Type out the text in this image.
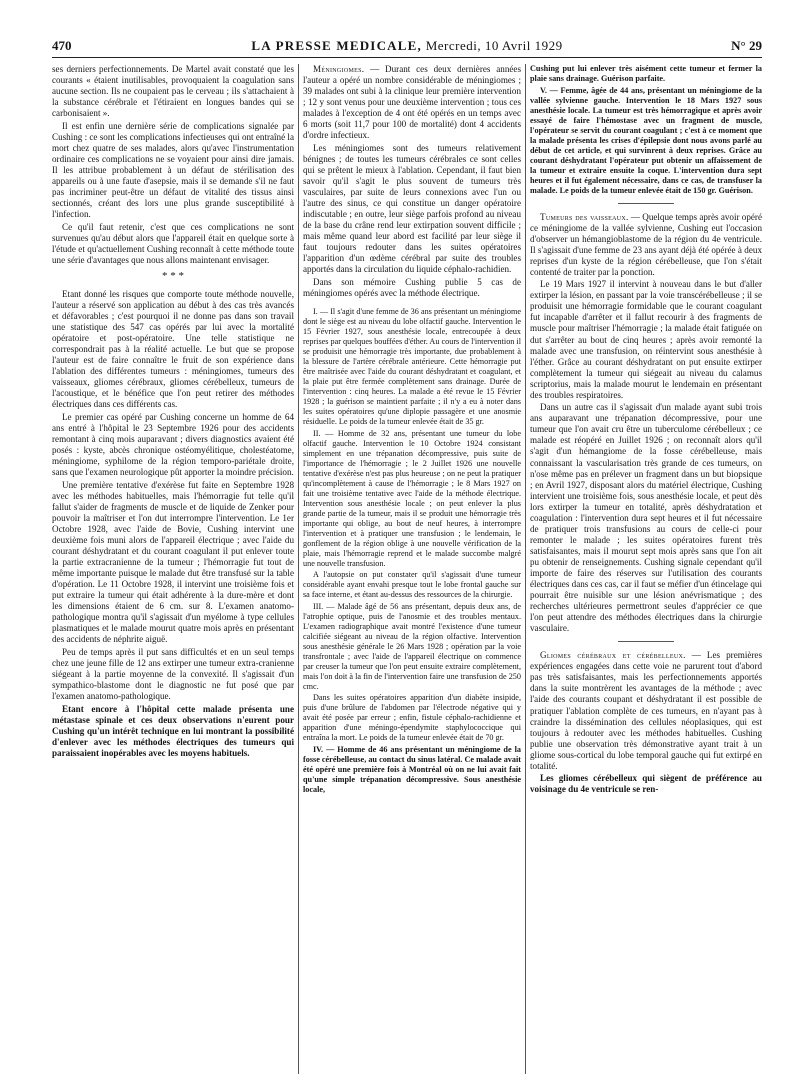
470	LA PRESSE MEDICALE, Mercredi, 10 Avril 1929	N° 29

ses derniers perfectionnements. De Martel avait constaté que les courants « étaient inutilisables, provoquaient la coagulation sans aucune section. Ils ne coupaient pas le cerveau ; ils s'attachaient à la substance cérébrale et l'étiraient en longues bandes qui se carbonisaient ».

Il est enfin une dernière série de complications signalée par Cushing : ce sont les complications infectieuses qui ont entraîné la mort chez quatre de ses malades, alors qu'avec l'instrumentation ordinaire ces complications ne se voyaient pour ainsi dire jamais. Il les attribue probablement à un défaut de stérilisation des appareils ou à une faute d'asepsie, mais il se demande s'il ne faut pas incriminer peut-être un défaut de vitalité des tissus ainsi sectionnés, créant des lors une plus grande susceptibilité à l'infection.

Ce qu'il faut retenir, c'est que ces complications ne sont survenues qu'au début alors que l'appareil était en quelque sorte à l'étude et qu'actuellement Cushing reconnaît à cette méthode toute une série d'avantages que nous allons maintenant envisager.

* * *

Etant donné les risques que comporte toute méthode nouvelle, l'auteur a réservé son application au début à des cas très avancés et défavorables ; c'est pourquoi il ne donne pas dans son travail une statistique des 547 cas opérés par lui avec la mortalité opératoire et post-opératoire. Une telle statistique ne correspondrait pas à la réalité actuelle. Le but que se propose l'auteur est de faire connaître le fruit de son expérience dans l'ablation des différentes tumeurs : méningiomes, tumeurs des vaisseaux, gliomes cérébraux, gliomes cérébelleux, tumeurs de l'acoustique, et le bénéfice que l'on peut retirer des méthodes électriques dans ces différents cas.

Le premier cas opéré par Cushing concerne un homme de 64 ans entré à l'hôpital le 23 Septembre 1926 pour des accidents remontant à cinq mois auparavant ; divers diagnostics avaient été posés : kyste, abcès chronique ostéomyélitique, cholestéatome, méningiome, syphilome de la région temporo-pariétale droite, sans que l'examen neurologique pût apporter la moindre précision.

Une première tentative d'exérèse fut faite en Septembre 1928 avec les méthodes habituelles, mais l'hémorragie fut telle qu'il fallut s'aider de fragments de muscle et de liquide de Zenker pour pouvoir la maîtriser et l'on dut interrompre l'intervention. Le 1er Octobre 1928, avec l'aide de Bovie, Cushing intervint une deuxième fois muni alors de l'appareil électrique ; avec l'aide du courant déshydratant et du courant coagulant il put enlever toute la partie extracranienne de la tumeur ; l'hémorragie fut tout de même importante puisque le malade dut être transfusé sur la table d'opération. Le 11 Octobre 1928, il intervint une troisième fois et put extraire la tumeur qui était adhérente à la dure-mère et dont les dimensions étaient de 6 cm. sur 8. L'examen anatomo-pathologique montra qu'il s'agissait d'un myélome à type cellules plasmatiques et le malade mourut quatre mois après en présentant des accidents de néphrite aiguë.

Peu de temps après il put sans difficultés et en un seul temps chez une jeune fille de 12 ans extirper une tumeur extra-cranienne siégeant à la partie moyenne de la convexité. Il s'agissait d'un sympathico-blastome dont le diagnostic ne fut posé que par l'examen anatomo-pathologique.

Etant encore à l'hôpital cette malade présenta une métastase spinale et ces deux observations n'eurent pour Cushing qu'un intérêt technique en lui montrant la possibilité d'enlever avec les méthodes électriques des tumeurs qui paraissaient inopérables avec les moyens habituels.

Méningiomes. — Durant ces deux dernières années l'auteur a opéré un nombre considérable de méningiomes ; 39 malades ont subi à la clinique leur première intervention ; 12 y sont venus pour une deuxième intervention ; tous ces malades à l'exception de 4 ont été opérés en un temps avec 6 morts (soit 11,7 pour 100 de mortalité) dont 4 accidents d'ordre infectieux.

Les méningiomes sont des tumeurs relativement bénignes ; de toutes les tumeurs cérébrales ce sont celles qui se prêtent le mieux à l'ablation. Cependant, il faut bien savoir qu'il s'agit le plus souvent de tumeurs très vasculaires, par suite de leurs connexions avec l'un ou l'autre des sinus, ce qui constitue un danger opératoire indiscutable ; en outre, leur siège parfois profond au niveau de la base du crâne rend leur extirpation souvent difficile ; mais même quand leur abord est facilité par leur siège il faut toujours redouter dans les suites opératoires l'apparition d'un œdème cérébral par suite des troubles apportés dans la circulation du liquide céphalo-rachidien.

Dans son mémoire Cushing publie 5 cas de méningiomes opérés avec la méthode électrique.

I. — Il s'agit d'une femme de 36 ans présentant un méningiome dont le siège est au niveau du lobe olfactif gauche. Intervention le 15 Février 1927, sous anesthésie locale, entrecoupée à deux reprises par quelques bouffées d'éther. Au cours de l'intervention il se produisit une hémorragie très importante, due probablement à la blessure de l'artère cérébrale antérieure. Cette hémorragie put être maîtrisée avec l'aide du courant déshydratant et coagulant, et la plaie put être fermée complètement sans drainage. Durée de l'intervention : cinq heures. La malade a été revue le 15 Février 1928 ; la guérison se maintient parfaite ; il n'y a eu à noter dans les suites opératoires qu'une diplopie passagère et une anosmie résiduelle. Le poids de la tumeur enlevée était de 35 gr.

II. — Homme de 32 ans, présentant une tumeur du lobe olfactif gauche. Intervention le 10 Octobre 1924 consistant simplement en une trépanation décompressive, puis suite de l'importance de l'hémorragie ; le 2 Juillet 1926 une nouvelle tentative d'exérèse n'est pas plus heureuse ; on ne peut la pratiquer qu'incomplètement à cause de l'hémorragie ; le 8 Mars 1927 on fait une troisième tentative avec l'aide de la méthode électrique. Intervention sous anesthésie locale ; on peut enlever la plus grande partie de la tumeur, mais il se produit une hémorragie très importante qui oblige, au bout de neuf heures, à interrompre l'intervention et à pratiquer une transfusion ; le lendemain, le gonflement de la région oblige à une nouvelle vérification de la plaie, mais l'hémorragie reprend et le malade succombe malgré une nouvelle transfusion.

A l'autopsie on put constater qu'il s'agissait d'une tumeur considérable ayant envahi presque tout le lobe frontal gauche sur sa face interne, et étant au-dessus des ressources de la chirurgie.

III. — Malade âgé de 56 ans présentant, depuis deux ans, de l'atrophie optique, puis de l'anosmie et des troubles mentaux. L'examen radiographique avait montré l'existence d'une tumeur calcifiée siégeant au niveau de la région olfactive. Intervention sous anesthésie générale le 26 Mars 1928 ; opération par la voie transfrontale ; avec l'aide de l'appareil électrique on commence par creuser la tumeur que l'on peut ensuite extraire complètement, mais l'on doit à la fin de l'intervention faire une transfusion de 250 cmc.

Dans les suites opératoires apparition d'un diabète insipide, puis d'une brûlure de l'abdomen par l'électrode négative qui y avait été posée par erreur ; enfin, fistule céphalo-rachidienne et apparition d'une méningo-épendymite staphylococcique qui entraîna la mort. Le poids de la tumeur enlevée était de 70 gr.

IV. — Homme de 46 ans présentant un méningiome de la fosse cérébelleuse, au contact du sinus latéral. Ce malade avait été opéré une première fois à Montréal où on ne lui avait fait qu'une simple trépanation décompressive. Sous anesthésie locale,

Cushing put lui enlever très aisément cette tumeur et fermer la plaie sans drainage. Guérison parfaite.

V. — Femme, âgée de 44 ans, présentant un méningiome de la vallée sylvienne gauche. Intervention le 18 Mars 1927 sous anesthésie locale. La tumeur est très hémorragique et après avoir essayé de faire l'hémostase avec un fragment de muscle, l'opérateur se servit du courant coagulant ; c'est à ce moment que la malade présenta les crises d'épilepsie dont nous avons parlé au début de cet article, et qui survinrent à deux reprises. Grâce au courant déshydratant l'opérateur put obtenir un affaissement de la tumeur et extraire ensuite la coque. L'intervention dura sept heures et il fut également nécessaire, dans ce cas, de transfuser la malade. Le poids de la tumeur enlevée était de 150 gr. Guérison.

Tumeurs des vaisseaux. — Quelque temps après avoir opéré ce méningiome de la vallée sylvienne, Cushing eut l'occasion d'observer un hémangioblastome de la région du 4e ventricule. Il s'agissait d'une femme de 23 ans ayant déjà été opérée à deux reprises d'un kyste de la région cérébelleuse, que l'on s'était contenté de traiter par la ponction.

Le 19 Mars 1927 il intervint à nouveau dans le but d'aller extirper la lésion, en passant par la voie transcérébelleuse ; il se produisit une hémorragie formidable que le courant coagulant fut incapable d'arrêter et il fallut recourir à des fragments de muscle pour maîtriser l'hémorragie ; la malade était fatiguée on dut s'arrêter au bout de cinq heures ; après avoir remonté la malade avec une transfusion, on réintervint sous anesthésie à l'éther. Grâce au courant déshydratant on put ensuite extirper complètement la tumeur qui siégeait au niveau du calamus scriptorius, mais la malade mourut le lendemain en présentant des troubles respiratoires.

Dans un autre cas il s'agissait d'un malade ayant subi trois ans auparavant une trépanation décompressive, pour une tumeur que l'on avait cru être un tuberculome cérébelleux ; ce malade est réopéré en Juillet 1926 ; on reconnaît alors qu'il s'agit d'un hémangiome de la fosse cérébelleuse, mais connaissant la vascularisation très grande de ces tumeurs, on n'ose même pas en prélever un fragment dans un but biopsique ; en Avril 1927, disposant alors du matériel électrique, Cushing intervient une troisième fois, sous anesthésie locale, et peut dès lors extirper la tumeur en totalité, après déshydratation et coagulation : l'intervention dura sept heures et il fut nécessaire de pratiquer trois transfusions au cours de celle-ci pour remonter le malade ; les suites opératoires furent très satisfaisantes, mais il mourut sept mois après sans que l'on ait pu obtenir de renseignements. Cushing signale cependant qu'il importe de faire des réserves sur l'utilisation des courants électriques dans ces cas, car il faut se méfier d'un étincelage qui pourrait être nuisible sur une lésion anévrismatique ; des recherches ultérieures permettront seules d'apprécier ce que l'on peut attendre des méthodes électriques dans la chirurgie vasculaire.

Gliomes cérébraux et cérébelleux. — Les premières expériences engagées dans cette voie ne parurent tout d'abord pas très satisfaisantes, mais les perfectionnements apportés dans la suite montrèrent les avantages de la méthode ; avec l'aide des courants coupant et déshydratant il est possible de pratiquer l'ablation complète de ces tumeurs, en n'ayant pas à craindre la dissémination des cellules néoplasiques, qui est toujours à redouter avec les méthodes habituelles. Cushing publie une observation très démonstrative ayant trait à un gliome sous-cortical du lobe temporal gauche qui fut extirpé en totalité.

Les gliomes cérébelleux qui siègent de préférence au voisinage du 4e ventricule se ren-
